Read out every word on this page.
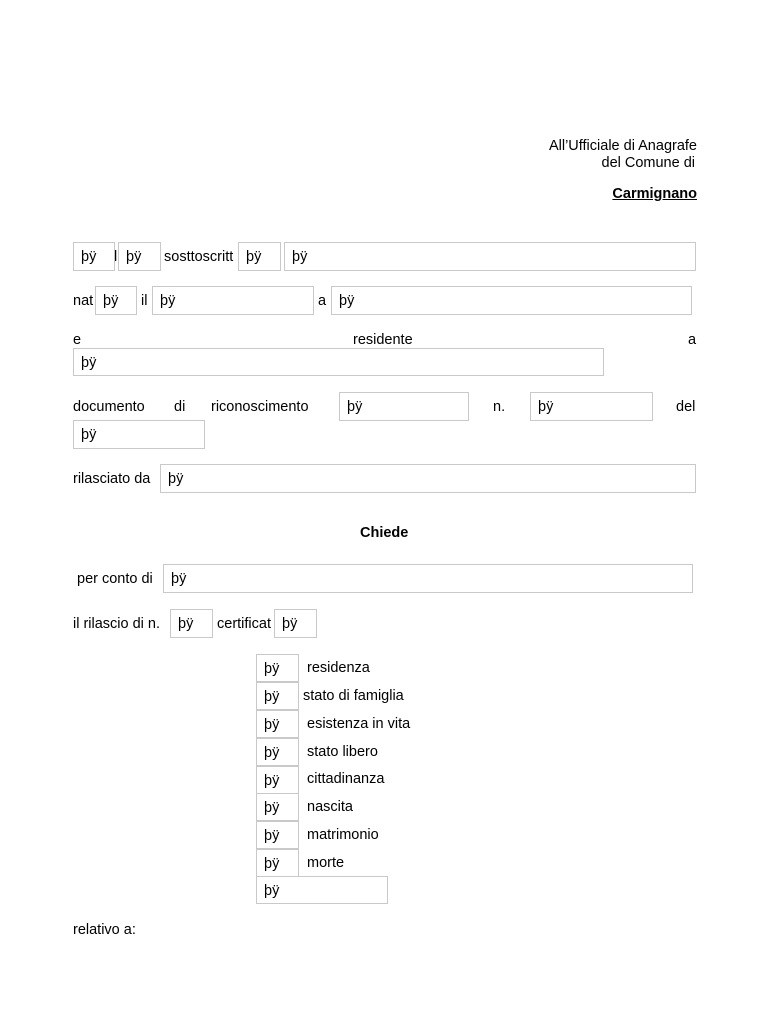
All’Ufficiale di Anagrafe
del Comune di
Carmignano
þÿ	l þÿ	sosttoscritt þÿ	þÿ
nat þÿ	il þÿ	a þÿ
e	residente	a
þÿ
documento di riconoscimento	þÿ	n.	þÿ	del
þÿ
rilasciato da	þÿ
Chiede
per conto di	þÿ
il rilascio di n.	þÿ	certificat þÿ
þÿ	residenza
þÿ	stato di famiglia
þÿ	esistenza in vita
þÿ	stato libero
þÿ	cittadinanza
þÿ	nascita
þÿ	matrimonio
þÿ	morte
þÿ
relativo a:
